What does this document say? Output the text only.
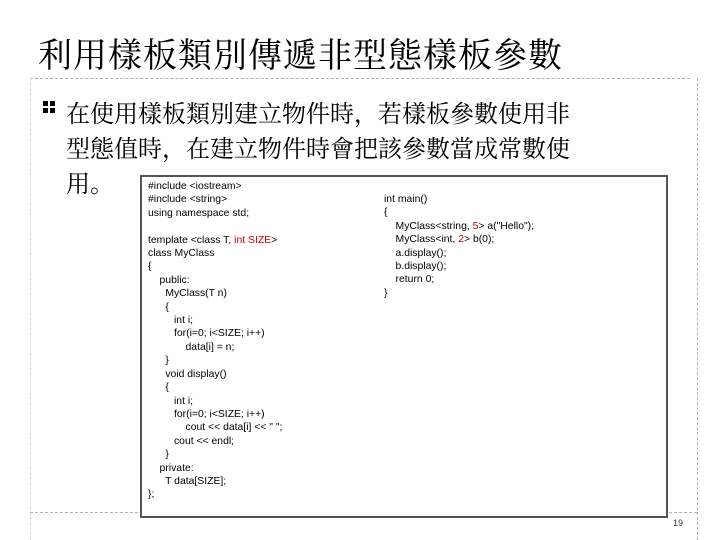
利用樣板類別傳遞非型態樣板參數
在使用樣板類別建立物件時，若樣板參數使用非
型態值時，在建立物件時會把該參數當成常數使
用。	#include <iostream>
#include <string>
using namespace std;

template <class T, int SIZE>
class MyClass
{
public:
MyClass(T n)
{
int i;
for(i=0; i<SIZE; i++)
data[i] = n;
}
void display()
{
int i;
for(i=0; i<SIZE; i++)
cout << data[i] << " ";
cout << endl;
}
private:
T data[SIZE];
};
int main()
{
MyClass<string, 5> a("Hello");
MyClass<int, 2> b(0);
a.display();
b.display();
return 0;
}
19
